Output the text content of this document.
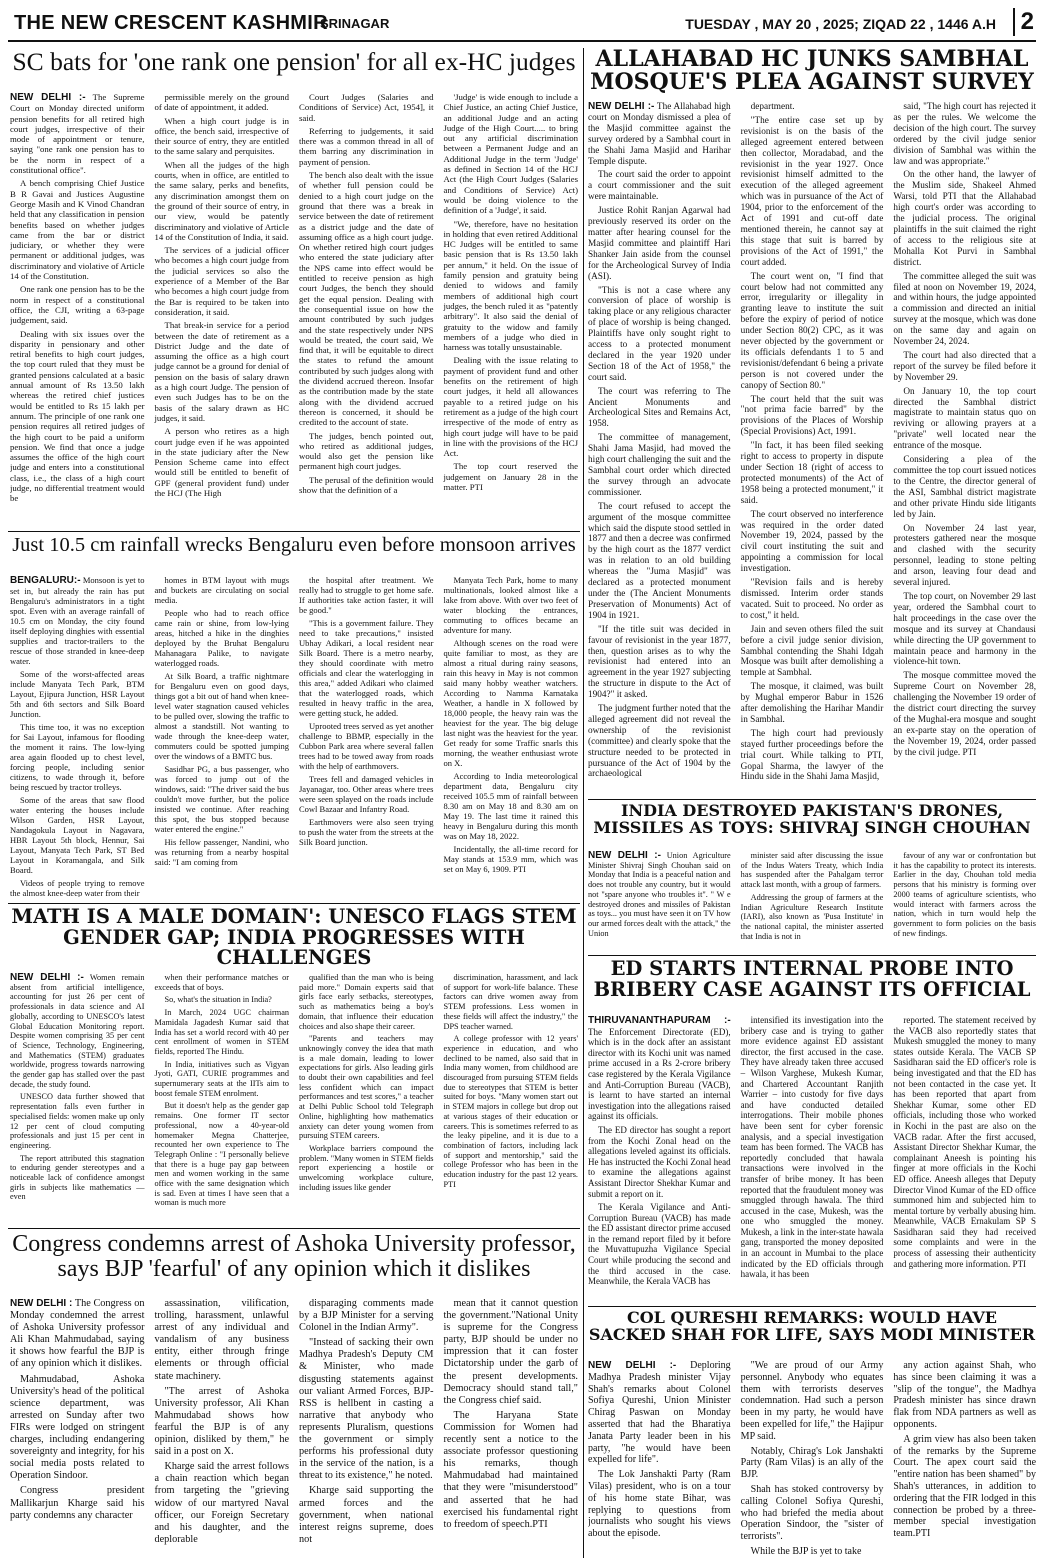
THE NEW CRESCENT KASHMIR
SRINAGAR	TUESDAY , MAY 20 , 2025; ZIQAD 22 , 1446 A.H	2
SC bats for 'one rank one pension' for all ex-HC judges

NEW DELHI :- The Supreme Court on Monday directed uniform pension benefits for all retired high court judges, irrespective of their mode of appointment or tenure, saying "one rank one pension has to be the norm in respect of a constitutional office".

A bench comprising Chief Justice B R Gavai and Justices Augustine George Masih and K Vinod Chandran held that any classification in pension benefits based on whether judges came from the bar or district judiciary, or whether they were permanent or additional judges, was discriminatory and violative of Article 14 of the Constitution.

One rank one pension has to be the norm in respect of a constitutional office, the CJI, writing a 63-page judgement, said.

Dealing with six issues over the disparity in pensionary and other retiral benefits to high court judges, the top court ruled that they must be granted pensions calculated at a basic annual amount of Rs 13.50 lakh whereas the retired chief justices would be entitled to Rs 15 lakh per annum. The principle of one rank one pension requires all retired judges of the high court to be paid a uniform pension. We find that once a judge assumes the office of the high court judge and enters into a constitutional class, i.e., the class of a high court judge, no differential treatment would be

permissible merely on the ground of date of appointment, it added.

When a high court judge is in office, the bench said, irrespective of their source of entry, they are entitled to the same salary and perquisites.

When all the judges of the high courts, when in office, are entitled to the same salary, perks and benefits, any discrimination amongst them on the ground of their source of entry, in our view, would be patently discriminatory and violative of Article 14 of the Constitution of India, it said.

The services of a judicial officer who becomes a high court judge from the judicial services so also the experience of a Member of the Bar who becomes a high court judge from the Bar is required to be taken into consideration, it said.

That break-in service for a period between the date of retirement as a District Judge and the date of assuming the office as a high court judge cannot be a ground for denial of pension on the basis of salary drawn as a high court Judge. The pension of even such Judges has to be on the basis of the salary drawn as HC judges, it said.

A person who retires as a high court judge even if he was appointed in the state judiciary after the New Pension Scheme came into effect would still be entitled to benefit of GPF (general provident fund) under the HCJ (The High

Court Judges (Salaries and Conditions of Service) Act, 1954], it said.

Referring to judgements, it said there was a common thread in all of them barring any discrimination in payment of pension.

The bench also dealt with the issue of whether full pension could be denied to a high court judge on the ground that there was a break in service between the date of retirement as a district judge and the date of assuming office as a high court judge. On whether retired high court judges who entered the state judiciary after the NPS came into effect would be entitled to receive pension as high court Judges, the bench they should get the equal pension. Dealing with the consequential issue on how the amount contributed by such judges and the state respectively under NPS would be treated, the court said, We find that, it will be equitable to direct the states to refund the amount contributed by such judges along with the dividend accrued thereon. Insofar as the contribution made by the state along with the dividend accrued thereon is concerned, it should be credited to the account of state.

The judges, bench pointed out, who retired as additional judges, would also get the pension like permanent high court judges.

The perusal of the definition would show that the definition of a

'Judge' is wide enough to include a Chief Justice, an acting Chief Justice, an additional Judge and an acting Judge of the High Court..... to bring out any artificial discrimination between a Permanent Judge and an Additional Judge in the term 'Judge' as defined in Section 14 of the HCJ Act (the High Court Judges (Salaries and Conditions of Service) Act) would be doing violence to the definition of a 'Judge', it said.

"We, therefore, have no hesitation in holding that even retired Additional HC Judges will be entitled to same basic pension that is Rs 13.50 lakh per annum," it held. On the issue of family pension and gratuity being denied to widows and family members of additional high court judges, the bench ruled it as "patently arbitrary". It also said the denial of gratuity to the widow and family members of a judge who died in harness was totally unsustainable.

Dealing with the issue relating to payment of provident fund and other benefits on the retirement of high court judges, it held all allowances payable to a retired judge on his retirement as a judge of the high court irrespective of the mode of entry as high court judge will have to be paid in line with the provisions of the HCJ Act.

The top court reserved the judgement on January 28 in the matter. PTI

Just 10.5 cm rainfall wrecks Bengaluru even before monsoon arrives

BENGALURU:- Monsoon is yet to set in, but already the rain has put Bengaluru's administrators in a tight spot. Even with an average rainfall of 10.5 cm on Monday, the city found itself deploying dinghies with essential supplies and tractor-trailers to the rescue of those stranded in knee-deep water.

Some of the worst-affected areas include Manyata Tech Park, BTM Layout, Ejipura Junction, HSR Layout 5th and 6th sectors and Silk Board Junction.

This time too, it was no exception for Sai Layout, infamous for flooding the moment it rains. The low-lying area again flooded up to chest level, forcing people, including senior citizens, to wade through it, before being rescued by tractor trolleys.

Some of the areas that saw flood water entering the houses include Wilson Garden, HSR Layout, Nandagokula Layout in Nagavara, HBR Layout 5th block, Hennur, Sai Layout, Manyata Tech Park, ST Bed Layout in Koramangala, and Silk Board.

Videos of people trying to remove the almost knee-deep water from their

homes in BTM layout with mugs and buckets are circulating on social media.

People who had to reach office came rain or shine, from low-lying areas, hitched a hike in the dinghies deployed by the Bruhat Bengaluru Mahanagara Palike, to navigate waterlogged roads.

At Silk Board, a traffic nightmare for Bengaluru even on good days, things got a bit out of hand when knee-level water stagnation caused vehicles to be pulled over, slowing the traffic to almost a standstill. Not wanting to wade through the knee-deep water, commuters could be spotted jumping over the windows of a BMTC bus.

Sasidhar PG, a bus passenger, who was forced to jump out of the windows, said: "The driver said the bus couldn't move further, but the police insisted we continue. After reaching this spot, the bus stopped because water entered the engine."

His fellow passenger, Nandini, who was returning from a nearby hospital said: "I am coming from

the hospital after treatment. We really had to struggle to get home safe. If authorities take action faster, it will be good."

"This is a government failure. They need to take precautions," insisted Ubhay Adikari, a local resident near Silk Board. There is a metro nearby, they should coordinate with metro officials and clear the waterlogging in this area," added Adikari who claimed that the waterlogged roads, which resulted in heavy traffic in the area, were getting stuck, he added.

Uprooted trees served as yet another challenge to BBMP, especially in the Cubbon Park area where several fallen trees had to be towed away from roads with the help of earthmovers.

Trees fell and damaged vehicles in Jayanagar, too. Other areas where trees were seen splayed on the roads include Cowl Bazaar and Infantry Road.

Earthmovers were also seen trying to push the water from the streets at the Silk Board junction.

Manyata Tech Park, home to many multinationals, looked almost like a lake from above. With over two feet of water blocking the entrances, commuting to offices became an adventure for many.

Although scenes on the road were quite familiar to most, as they are almost a ritual during rainy seasons, rain this heavy in May is not common said many hobby weather watchers. According to Namma Karnataka Weather, a handle in X followed by 18,000 people, the heavy rain was the heaviest for the year. The big deluge last night was the heaviest for the year. Get ready for some Traffic snarls this morning, the weather enthusiast wrote on X.

According to India meteorological department data, Bengaluru city received 105.5 mm of rainfall between 8.30 am on May 18 and 8.30 am on May 19. The last time it rained this heavy in Bengaluru during this month was on May 18, 2022.

Incidentally, the all-time record for May stands at 153.9 mm, which was set on May 6, 1909. PTI

MATH IS A MALE DOMAIN': UNESCO FLAGS STEM GENDER GAP; INDIA PROGRESSES WITH CHALLENGES

NEW DELHI :- Women remain absent from artificial intelligence, accounting for just 26 per cent of professionals in data science and AI globally, according to UNESCO's latest Global Education Monitoring report. Despite women comprising 35 per cent of Science, Technology, Engineering, and Mathematics (STEM) graduates worldwide, progress towards narrowing the gender gap has stalled over the past decade, the study found.

UNESCO data further showed that representation falls even further in specialised fields: women make up only 12 per cent of cloud computing professionals and just 15 per cent in engineering.

The report attributed this stagnation to enduring gender stereotypes and a noticeable lack of confidence amongst girls in subjects like mathematics — even

when their performance matches or exceeds that of boys.

So, what's the situation in India?

In March, 2024 UGC chairman Mamidala Jagadesh Kumar said that India has set a world record with 40 per cent enrollment of women in STEM fields, reported The Hindu.

In India, initiatives such as Vigyan Jyoti, GATI, CURIE programmes and supernumerary seats at the IITs aim to boost female STEM enrolment.

But it doesn't help as the gender gap remains. One former IT sector professional, now a 40-year-old homemaker Megna Chatterjee, recounted her own experience to The Telegraph Online : "I personally believe that there is a huge pay gap between men and women working in the same office with the same designation which is sad. Even at times I have seen that a woman is much more

qualified than the man who is being paid more." Domain experts said that girls face early setbacks, stereotypes, such as mathematics being a boy's domain, that influence their education choices and also shape their career.

"Parents and teachers may unknowingly convey the idea that math is a male domain, leading to lower expectations for girls. Also leading girls to doubt their own capabilities and feel less confident which can impact performances and test scores," a teacher at Delhi Public School told Telegraph Online, highlighting how mathematics anxiety can deter young women from pursuing STEM careers.

Workplace barriers compound the problem. "Many women in STEM fields report experiencing a hostile or unwelcoming workplace culture, including issues like gender

discrimination, harassment, and lack of support for work-life balance. These factors can drive women away from STEM professions. Less women in these fields will affect the industry," the DPS teacher warned.

A college professor with 12 years' experience in education, and who declined to be named, also said that in India many women, from childhood are discouraged from pursuing STEM fields due to stereotypes that STEM is better suited for boys. "Many women start out in STEM majors in college but drop out at various stages of their education or careers. This is sometimes referred to as the leaky pipeline, and it is due to a combination of factors, including lack of support and mentorship," said the college Professor who has been in the education industry for the past 12 years. PTI

Congress condemns arrest of Ashoka University professor, says BJP 'fearful' of any opinion which it dislikes

NEW DELHI : The Congress on Monday condemned the arrest of Ashoka University professor Ali Khan Mahmudabad, saying it shows how fearful the BJP is of any opinion which it dislikes.

Mahmudabad, Ashoka University's head of the political science department, was arrested on Sunday after two FIRs were lodged on stringent charges, including endangering sovereignty and integrity, for his social media posts related to Operation Sindoor.

Congress president Mallikarjun Kharge said his party condemns any character

assassination, vilification, trolling, harassment, unlawful arrest of any individual and vandalism of any business entity, either through fringe elements or through official state machinery.

"The arrest of Ashoka University professor, Ali Khan Mahmudabad shows how fearful the BJP is of any opinion, disliked by them," he said in a post on X.

Kharge said the arrest follows a chain reaction which began from targeting the "grieving widow of our martyred Naval officer, our Foreign Secretary and his daughter, and the deplorable

disparaging comments made by a BJP Minister for a serving Colonel in the Indian Army".

"Instead of sacking their own Madhya Pradesh's Deputy CM & Minister, who made disgusting statements against our valiant Armed Forces, BJP-RSS is hellbent in casting a narrative that anybody who represents Pluralism, questions the government or simply performs his professional duty in the service of the nation, is a threat to its existence," he noted.

Kharge said supporting the armed forces and the government, when national interest reigns supreme, does not

mean that it cannot question the government."National Unity is supreme for the Congress party, BJP should be under no impression that it can foster Dictatorship under the garb of the present developments. Democracy should stand tall," the Congress chief said.

The Haryana State Commission for Women had recently sent a notice to the associate professor questioning his remarks, though Mahmudabad had maintained that they were "misunderstood" and asserted that he had exercised his fundamental right to freedom of speech.PTI

ALLAHABAD HC JUNKS SAMBHAL MOSQUE'S PLEA AGAINST SURVEY

NEW DELHI :- The Allahabad high court on Monday dismissed a plea of the Masjid committee against the survey ordered by a Sambhal court in the Shahi Jama Masjid and Harihar Temple dispute.

The court said the order to appoint a court commissioner and the suit were maintainable.

Justice Rohit Ranjan Agarwal had previously reserved its order on the matter after hearing counsel for the Masjid committee and plaintiff Hari Shanker Jain aside from the counsel for the Archeological Survey of India (ASI).

"This is not a case where any conversion of place of worship is taking place or any religious character of place of worship is being changed. Plaintiffs have only sought right to access to a protected monument declared in the year 1920 under Section 18 of the Act of 1958," the court said.

The court was referring to The Ancient Monuments and Archeological Sites and Remains Act, 1958.

The committee of management, Shahi Jama Masjid, had moved the high court challenging the suit and the Sambhal court order which directed the survey through an advocate commissioner.

The court refused to accept the argument of the mosque committee which said the dispute stood settled in 1877 and then a decree was confirmed by the high court as the 1877 verdict was in relation to an old building whereas the "Juma Masjid" was declared as a protected monument under the (The Ancient Monuments Preservation of Monuments) Act of 1904 in 1921.

"If the title suit was decided in favour of revisionist in the year 1877, then, question arises as to why the revisionist had entered into an agreement in the year 1927 subjecting the structure in dispute to the Act of 1904?" it asked.

The judgment further noted that the alleged agreement did not reveal the ownership of the revisionist (committee) and clearly spoke that the structure needed to be protected in pursuance of the Act of 1904 by the archaeological

department.

"The entire case set up by revisionist is on the basis of the alleged agreement entered between then collector, Moradabad, and the revisionist in the year 1927. Once revisionist himself admitted to the execution of the alleged agreement which was in pursuance of the Act of 1904, prior to the enforcement of the Act of 1991 and cut-off date mentioned therein, he cannot say at this stage that suit is barred by provisions of the Act of 1991," the court added.

The court went on, "I find that court below had not committed any error, irregularity or illegality in granting leave to institute the suit before the expiry of period of notice under Section 80(2) CPC, as it was never objected by the government or its officials defendants 1 to 5 and revisionist/defendant 6 being a private person is not covered under the canopy of Section 80."

The court held that the suit was "not prima facie barred" by the provisions of the Places of Worship (Special Provisions) Act, 1991.

"In fact, it has been filed seeking right to access to property in dispute under Section 18 (right of access to protected monuments) of the Act of 1958 being a protected monument," it said.

The court observed no interference was required in the order dated November 19, 2024, passed by the civil court instituting the suit and appointing a commission for local investigation.

"Revision fails and is hereby dismissed. Interim order stands vacated. Suit to proceed. No order as to cost," it held.

Jain and seven others filed the suit before a civil judge senior division, Sambhal contending the Shahi Idgah Mosque was built after demolishing a temple at Sambhal.

The mosque, it claimed, was built by Mughal emperor Babur in 1526 after demolishing the Harihar Mandir in Sambhal.

The high court had previously stayed further proceedings before the trial court. While talking to PTI, Gopal Sharma, the lawyer of the Hindu side in the Shahi Jama Masjid,

said, "The high court has rejected it as per the rules. We welcome the decision of the high court. The survey ordered by the civil judge senior division of Sambhal was within the law and was appropriate."

On the other hand, the lawyer of the Muslim side, Shakeel Ahmed Warsi, told PTI that the Allahabad high court's order was according to the judicial process. The original plaintiffs in the suit claimed the right of access to the religious site at Mohalla Kot Purvi in Sambhal district.

The committee alleged the suit was filed at noon on November 19, 2024, and within hours, the judge appointed a commission and directed an initial survey at the mosque, which was done on the same day and again on November 24, 2024.

The court had also directed that a report of the survey be filed before it by November 29.

On January 10, the top court directed the Sambhal district magistrate to maintain status quo on reviving or allowing prayers at a "private" well located near the entrance of the mosque.

Considering a plea of the committee the top court issued notices to the Centre, the director general of the ASI, Sambhal district magistrate and other private Hindu side litigants led by Jain.

On November 24 last year, protesters gathered near the mosque and clashed with the security personnel, leading to stone pelting and arson, leaving four dead and several injured.

The top court, on November 29 last year, ordered the Sambhal court to halt proceedings in the case over the mosque and its survey at Chandausi while directing the UP government to maintain peace and harmony in the violence-hit town.

The mosque committee moved the Supreme Court on November 28, challenging the November 19 order of the district court directing the survey of the Mughal-era mosque and sought an ex-parte stay on the operation of the November 19, 2024, order passed by the civil judge. PTI

INDIA DESTROYED PAKISTAN'S DRONES, MISSILES AS TOYS: SHIVRAJ SINGH CHOUHAN

NEW DELHI :- Union Agriculture Minister Shivraj Singh Chouhan said on Monday that India is a peaceful nation and does not trouble any country, but it would not "spare anyone who troubles it". " W e destroyed drones and missiles of Pakistan as toys... you must have seen it on TV how our armed forces dealt with the attack," the Union

minister said after discussing the issue of the Indus Waters Treaty, which India has suspended after the Pahalgam terror attack last month, with a group of farmers.

Addressing the group of farmers at the Indian Agriculture Research Institute (IARI), also known as 'Pusa Institute' in the national capital, the minister asserted that India is not in

favour of any war or confrontation but it has the capability to protect its interests. Earlier in the day, Chouhan told media persons that his ministry is forming over 2000 teams of agriculture scientists, who would interact with farmers across the nation, which in turn would help the government to form policies on the basis of new findings.

ED STARTS INTERNAL PROBE INTO BRIBERY CASE AGAINST ITS OFFICIAL

THIRUVANANTHAPURAM :- The Enforcement Directorate (ED), which is in the dock after an assistant director with its Kochi unit was named prime accused in a Rs 2-crore bribery case registered by the Kerala Vigilance and Anti-Corruption Bureau (VACB), is learnt to have started an internal investigation into the allegations raised against its officials.

The ED director has sought a report from the Kochi Zonal head on the allegations leveled against its officials. He has instructed the Kochi Zonal head to examine the allegations against Assistant Director Shekhar Kumar and submit a report on it.

The Kerala Vigilance and Anti-Corruption Bureau (VACB) has made the ED assistant director prime accused in the remand report filed by it before the Muvattupuzha Vigilance Special Court while producing the second and the third accused in the case. Meanwhile, the Kerala VACB has

intensified its investigation into the bribery case and is trying to gather more evidence against ED assistant director, the first accused in the case. They have already taken three accused – Wilson Varghese, Mukesh Kumar, and Chartered Accountant Ranjith Warrier – into custody for five days and have conducted detailed interrogations. Their mobile phones have been sent for cyber forensic analysis, and a special investigation team has been formed. The VACB has reportedly concluded that hawala transactions were involved in the transfer of bribe money. It has been reported that the fraudulent money was smuggled through hawala. The third accused in the case, Mukesh, was the one who smuggled the money. Mukesh, a link in the inter-state hawala gang, transported the money deposited in an account in Mumbai to the place indicated by the ED officials through hawala, it has been

reported. The statement received by the VACB also reportedly states that Mukesh smuggled the money to many states outside Kerala. The VACB SP Sasidharan said the ED officer's role is being investigated and that the ED has not been contacted in the case yet. It has been reported that apart from Shekhar Kumar, some other ED officials, including those who worked in Kochi in the past are also on the VACB radar. After the first accused, Assistant Director Shekhar Kumar, the complainant Aneesh is pointing his finger at more officials in the Kochi ED office. Aneesh alleges that Deputy Director Vinod Kumar of the ED office summoned him and subjected him to mental torture by verbally abusing him. Meanwhile, VACB Ernakulam SP S Sasidharan said they had received some complaints and were in the process of assessing their authenticity and gathering more information. PTI

COL QURESHI REMARKS: WOULD HAVE SACKED SHAH FOR LIFE, SAYS MODI MINISTER

NEW DELHI :- Deploring Madhya Pradesh minister Vijay Shah's remarks about Colonel Sofiya Qureshi, Union Minister Chirag Paswan on Monday asserted that had the Bharatiya Janata Party leader been in his party, "he would have been expelled for life".

The Lok Janshakti Party (Ram Vilas) president, who is on a tour of his home state Bihar, was replying to questions from journalists who sought his views about the episode.

"We are proud of our Army personnel. Anybody who equates them with terrorists deserves condemnation. Had such a person been in my party, he would have been expelled for life," the Hajipur MP said.

Notably, Chirag's Lok Janshakti Party (Ram Vilas) is an ally of the BJP.

Shah has stoked controversy by calling Colonel Sofiya Qureshi, who had briefed the media about Operation Sindoor, the "sister of terrorists".

While the BJP is yet to take

any action against Shah, who has since been claiming it was a "slip of the tongue", the Madhya Pradesh minister has since drawn flak from NDA partners as well as opponents.

A grim view has also been taken of the remarks by the Supreme Court. The apex court said the "entire nation has been shamed" by Shah's utterances, in addition to ordering that the FIR lodged in this connection be probed by a three-member special investigation team.PTI
